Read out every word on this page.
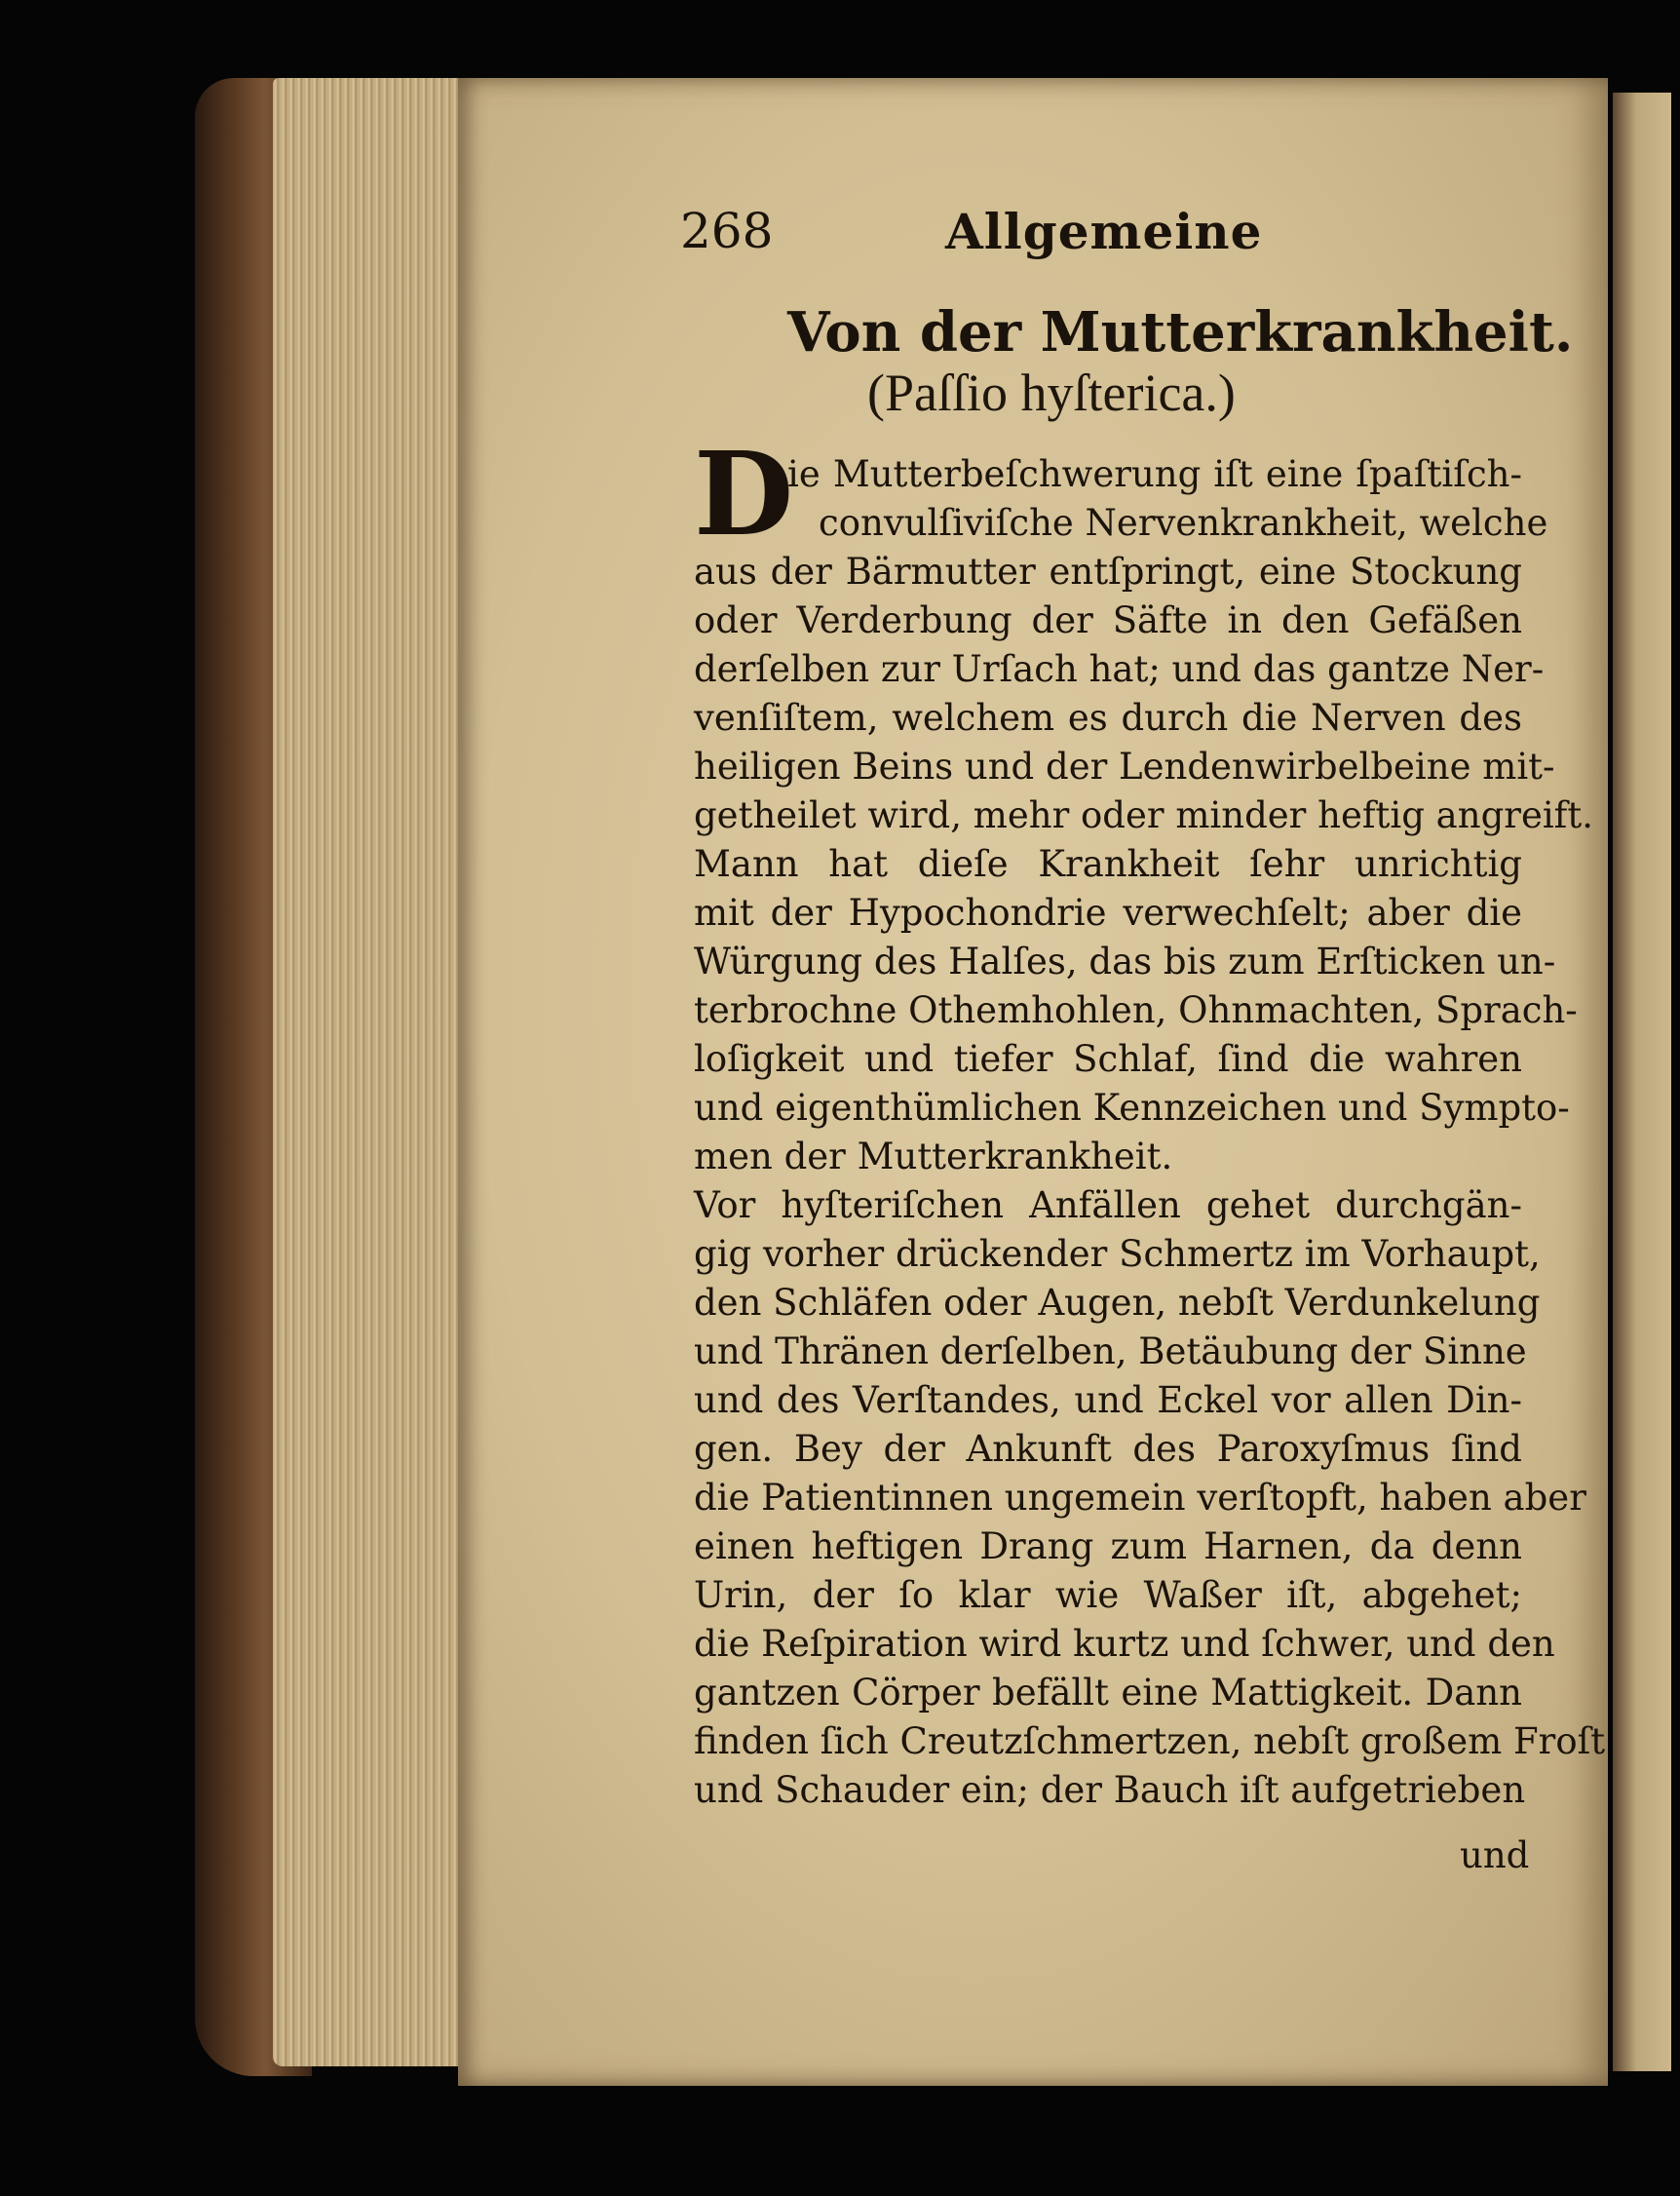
268	Allgemeine
Von der Mutterkrankheit.
(Paſſio hyſterica.)
D
ie Mutterbeſchwerung iſt eine ſpaſtiſch-
convulſiviſche Nervenkrankheit, welche
aus der Bärmutter entſpringt, eine Stockung
oder Verderbung der Säfte in den Gefäßen
derſelben zur Urſach hat; und das gantze Ner-
venſiſtem, welchem es durch die Nerven des
heiligen Beins und der Lendenwirbelbeine mit-
getheilet wird, mehr oder minder heftig angreift.
Mann hat dieſe Krankheit ſehr unrichtig
mit der Hypochondrie verwechſelt; aber die
Würgung des Halſes, das bis zum Erſticken un-
terbrochne Othemhohlen, Ohnmachten, Sprach-
loſigkeit und tiefer Schlaf, ſind die wahren
und eigenthümlichen Kennzeichen und Sympto-
men der Mutterkrankheit.
Vor hyſteriſchen Anfällen gehet durchgän-
gig vorher drückender Schmertz im Vorhaupt,
den Schläfen oder Augen, nebſt Verdunkelung
und Thränen derſelben, Betäubung der Sinne
und des Verſtandes, und Eckel vor allen Din-
gen. Bey der Ankunft des Paroxyſmus ſind
die Patientinnen ungemein verſtopft, haben aber
einen heftigen Drang zum Harnen, da denn
Urin, der ſo klar wie Waßer iſt, abgehet;
die Reſpiration wird kurtz und ſchwer, und den
gantzen Cörper befällt eine Mattigkeit. Dann
finden ſich Creutzſchmertzen, nebſt großem Froſt
und Schauder ein; der Bauch iſt aufgetrieben
und
